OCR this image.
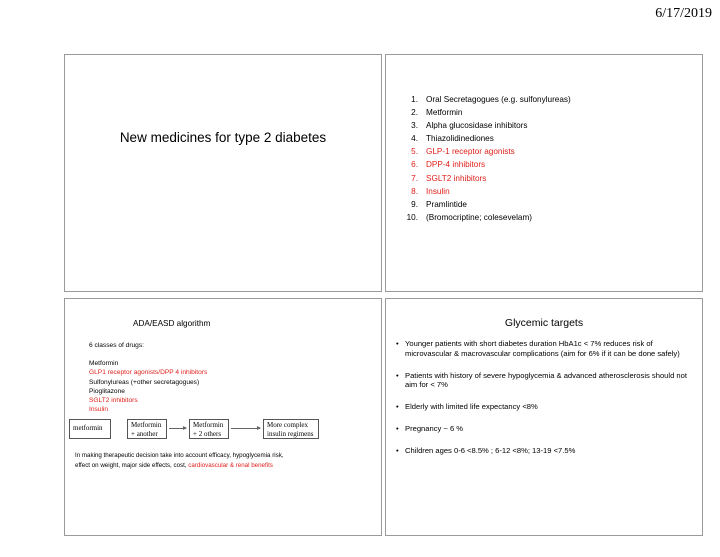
6/17/2019
New medicines for type 2 diabetes
1. Oral Secretagogues (e.g. sulfonylureas)
2. Metformin
3. Alpha glucosidase inhibitors
4. Thiazolidinediones
5. GLP-1 receptor agonists
6. DPP-4 inhibitors
7. SGLT2 inhibitors
8. Insulin
9. Pramlintide
10. (Bromocriptine; colesevelam)
ADA/EASD algorithm
6 classes of drugs:
Metformin
GLP1 receptor agonists/DPP 4 inhibitors
Sulfonylureas (+other secretagogues)
Pioglitazone
SGLT2 inhibitors
Insulin
metformin	Metformin
+ another
Metformin
+ 2 others
More complex
insulin regimens
In making therapeutic decision take into account efficacy, hypoglycemia risk,
effect on weight, major side effects, cost, cardiovascular & renal benefits
Glycemic targets
• Younger patients with short diabetes duration HbA1c < 7% reduces risk of microvascular & macrovascular complications (aim for 6% if it can be done safely)
• Patients with history of severe hypoglycemia & advanced atherosclerosis should not aim for < 7%
• Elderly with limited life expectancy <8%
• Pregnancy ~ 6 %
• Children ages 0-6 <8.5% ; 6-12 <8%; 13-19 <7.5%
